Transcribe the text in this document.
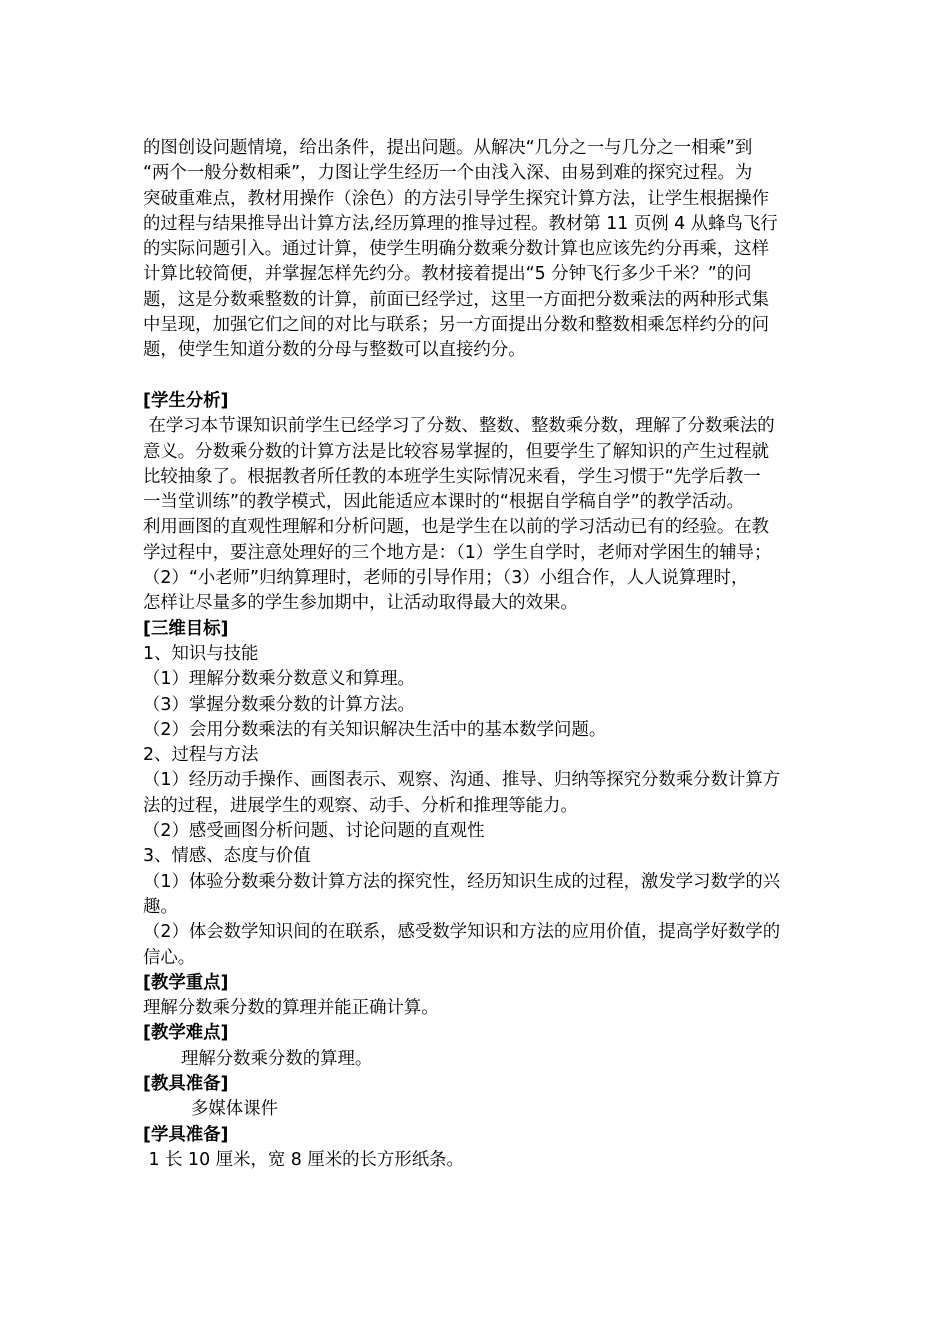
的图创设问题情境，给出条件，提出问题。从解决“几分之一与几分之一相乘”到
“两个一般分数相乘”，力图让学生经历一个由浅入深、由易到难的探究过程。为
突破重难点，教材用操作（涂色）的方法引导学生探究计算方法，让学生根据操作
的过程与结果推导出计算方法,经历算理的推导过程。教材第 11 页例 4 从蜂鸟飞行
的实际问题引入。通过计算，使学生明确分数乘分数计算也应该先约分再乘，这样
计算比较简便，并掌握怎样先约分。教材接着提出“5 分钟飞行多少千米？”的问
题，这是分数乘整数的计算，前面已经学过，这里一方面把分数乘法的两种形式集
中呈现，加强它们之间的对比与联系；另一方面提出分数和整数相乘怎样约分的问
题，使学生知道分数的分母与整数可以直接约分。
[学生分析]
在学习本节课知识前学生已经学习了分数、整数、整数乘分数，理解了分数乘法的
意义。分数乘分数的计算方法是比较容易掌握的，但要学生了解知识的产生过程就
比较抽象了。根据教者所任教的本班学生实际情况来看，学生习惯于“先学后教一
一当堂训练”的教学模式，因此能适应本课时的“根据自学稿自学”的教学活动。
利用画图的直观性理解和分析问题，也是学生在以前的学习活动已有的经验。在教
学过程中，要注意处理好的三个地方是：（1）学生自学时，老师对学困生的辅导；
（2）“小老师”归纳算理时，老师的引导作用；（3）小组合作，人人说算理时，
怎样让尽量多的学生参加期中，让活动取得最大的效果。
[三维目标]
1、知识与技能
（1）理解分数乘分数意义和算理。
（3）掌握分数乘分数的计算方法。
（2）会用分数乘法的有关知识解决生活中的基本数学问题。
2、过程与方法
（1）经历动手操作、画图表示、观察、沟通、推导、归纳等探究分数乘分数计算方
法的过程，进展学生的观察、动手、分析和推理等能力。
（2）感受画图分析问题、讨论问题的直观性
3、情感、态度与价值
（1）体验分数乘分数计算方法的探究性，经历知识生成的过程，激发学习数学的兴
趣。
（2）体会数学知识间的在联系，感受数学知识和方法的应用价值，提高学好数学的
信心。
[教学重点]
理解分数乘分数的算理并能正确计算。
[教学难点]
理解分数乘分数的算理。
[教具准备]
多媒体课件
[学具准备]
1 长 10 厘米，宽 8 厘米的长方形纸条。
